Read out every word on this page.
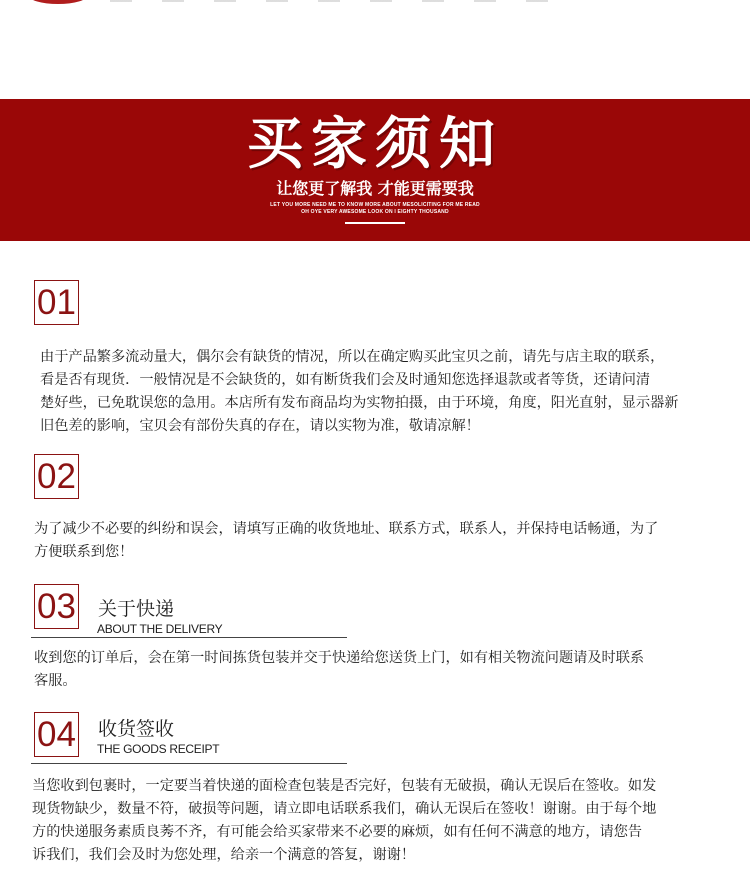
买家须知
让您更了解我 才能更需要我
LET YOU MORE NEED ME TO KNOW MORE ABOUT MESOLICITING FOR ME READ
OH OYE VERY AWESOME LOOK ON I EIGHTY THOUSAND
01
由于产品繁多流动量大，偶尔会有缺货的情况，所以在确定购买此宝贝之前，请先与店主取的联系，
看是否有现货．一般情况是不会缺货的，如有断货我们会及时通知您选择退款或者等货，还请问清
楚好些，已免耽误您的急用。本店所有发布商品均为实物拍摄，由于环境，角度，阳光直射，显示器新
旧色差的影响，宝贝会有部份失真的存在，请以实物为准，敬请凉解！
02
为了减少不必要的纠纷和误会，请填写正确的收货地址、联系方式，联系人，并保持电话畅通，为了
方便联系到您！
03 关于快递
ABOUT THE DELIVERY
收到您的订单后，会在第一时间拣货包装并交于快递给您送货上门，如有相关物流问题请及时联系
客服。
04 收货签收
THE GOODS RECEIPT
当您收到包裹时，一定要当着快递的面检查包装是否完好，包装有无破损，确认无误后在签收。如发
现货物缺少，数量不符，破损等问题，请立即电话联系我们，确认无误后在签收！谢谢。由于每个地
方的快递服务素质良莠不齐，有可能会给买家带来不必要的麻烦，如有任何不满意的地方，请您告
诉我们，我们会及时为您处理，给亲一个满意的答复，谢谢！
